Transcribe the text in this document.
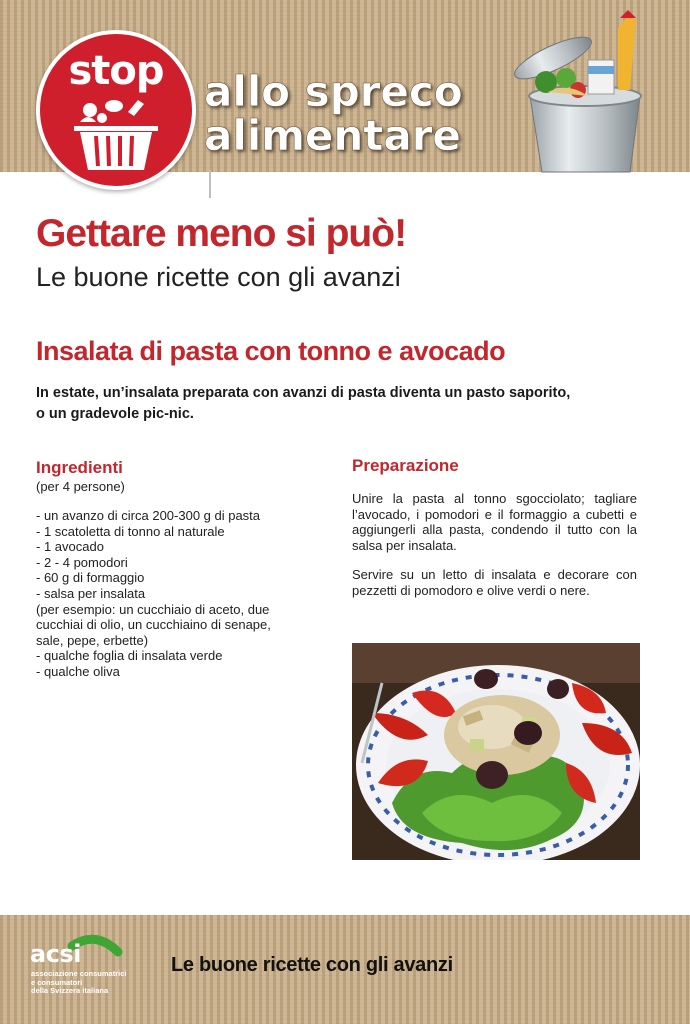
stop allo spreco
alimentare
Gettare meno si può!
Le buone ricette con gli avanzi
Insalata di pasta con tonno e avocado
In estate, un’insalata preparata con avanzi di pasta diventa un pasto saporito,
o un gradevole pic-nic.
Ingredienti
(per 4 persone)
- un avanzo di circa 200-300 g di pasta
- 1 scatoletta di tonno al naturale
- 1 avocado
- 2 - 4 pomodori
- 60 g di formaggio
- salsa per insalata
(per esempio: un cucchiaio di aceto, due cucchiai di olio, un cucchiaino di senape, sale, pepe, erbette)
- qualche foglia di insalata verde
- qualche oliva
Preparazione

Unire la pasta al tonno sgocciolato; tagliare l’avocado, i pomodori e il formaggio a cubetti e aggiungerli alla pasta, condendo il tutto con la salsa per insalata.

Servire su un letto di insalata e decorare con pezzetti di pomodoro e olive verdi o nere.

acsi
associazione consumatrici
e consumatori
della Svizzera italiana
Le buone ricette con gli avanzi
